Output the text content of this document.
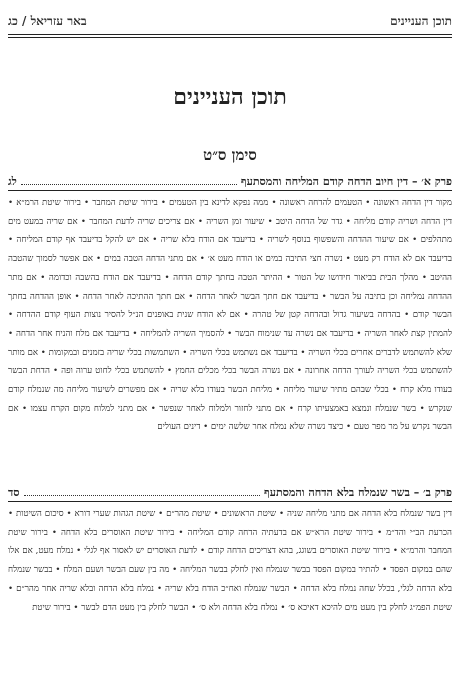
תוכן העניינים
באר עזריאל / כג
תוכן העניינים
סימן ס״ט
פרק א׳ – דין חיוב הדחה קודם המליחה והמסתעף
לג
מקור דין הדחה ראשונה • הטעמים להדחה ראשונה • ממה נפקא לדינא בין הטעמים • בירור שיטת המחבר • בירור שיטת הרמ״א • דין הדחה ושריה קודם מליחה • גדר של הדחה היטב • שיעור זמן השריה • אם צריכים שריה לדעת המחבר • אם שריה במעט מים מתהלפים • אם שיעור ההדחה והשפשוף בנוסף לשריה • בדיעבד אם הודח בלא שריה • אם יש להקל בדיעבד אף קודם המליחה • בדיעבד אם לא הודח רק מעט • נשרה חצי התיבה במים או הודח מעט א׳ • אם מתני הדחה הטבה במים • אם אפשר לסמוך שהטבה ההיטב • מהלך הבית בביאור חידושו של הטור • ההיתר הטבה בחתך קודם הדחה • בדיעבד אם הודח בהשבה וכדומה • אם מתר ההדחה נמליחה וכן בתיבה על הבשר • בדיעבד אם חתך הבשר לאחר הדחה • אם חתך ההתיכה לאחר הדחה • אופן ההדחה בחתך הבשר קודם • בהדחה בשיעור גדול ובהדחה קטן של טהרה • אם לא הודח שנית באופנים הנ״ל להסיר נוצות העוף קודם ההדחה • להמתין קצת לאחר השריה • בדיעבד אם נשרה עד שנימוח הבשר • להסמיך השריה להמליחה • בדיעבד אם מלח והניח אחר הדחה • שלא להשתמש לדברים אחרים בכלי השריה • בדיעבד אם נשתמש בכלי השריה • השתמשות בכלי שריה בזמנים ובמקומות • אם מותר להשתמש בכלי השריה לעורך הדחה אחרונה • אם נשרה הבשר בכלי מכלים החמץ • להשתמש בכלי לחוט ערוה ופה • הדחת הבשר בעודו מלא קרח • בכלי שבהם מתיר שיעור מליחה • מליחת הבשר בעודו בלא שריה • אם מפשרים לשיעור מליחה מה שנמלח קודם שנקרש • בשר שנמלח ונמצא באמצעיתו קרח • אם מתני לחזור ולמלוח לאחר שנפשר • אם מתני למלוח מקום הקרח עצמו • אם הבשר נקרש על מר מפר טעם • כיצד נשרה שלא נמלח אחר שלשה ימים • דינים העולים
פרק ב׳ – בשר שנמלח בלא הדחה והמסתעף
סד
דין בשר שנמלח בלא הדחה אם מתני מליחה שניה • שיטת הראשונים • שיטת מהר״ם • שיטת הגהות שערי דורא • סיכום השיטות • הכרעת הב״י והד״מ • בירור שיטת הרא״ש אם בדעתיה הדחה קודם המליחה • בירור שיטת האוסרים בלא הדחה • בירור שיטת המחבר והרמ״א • בירור שיטת האוסרים בשוגג, בהא דצריכים הדחה קודם • לדעת האוסרים יש לאסור אף לגלי • נמלח מעט, אם אלו שהם במקום הפסד • להתיר במקום הפסד בבשר שנמלח ואין לחלק בבשר המליחה • מה בין שעם הבשר ושעם המלח • בבשר שנמלח בלא הדחה לגלי, בכלל שחה נמלח בלא הדחה • הבשר שנמלח ואח״כ הודח בלא שריה • נמלח בלא הדחה ובלא שריה אחר מהר״ם • שיטת הפמ״ג לחלק בין מעט מים להיכא דאיכא ס׳ • נמלח בלא הדחה ולא ס׳ • הבשר לחלק בין מעט הדם לבשר • בירור שיטת
